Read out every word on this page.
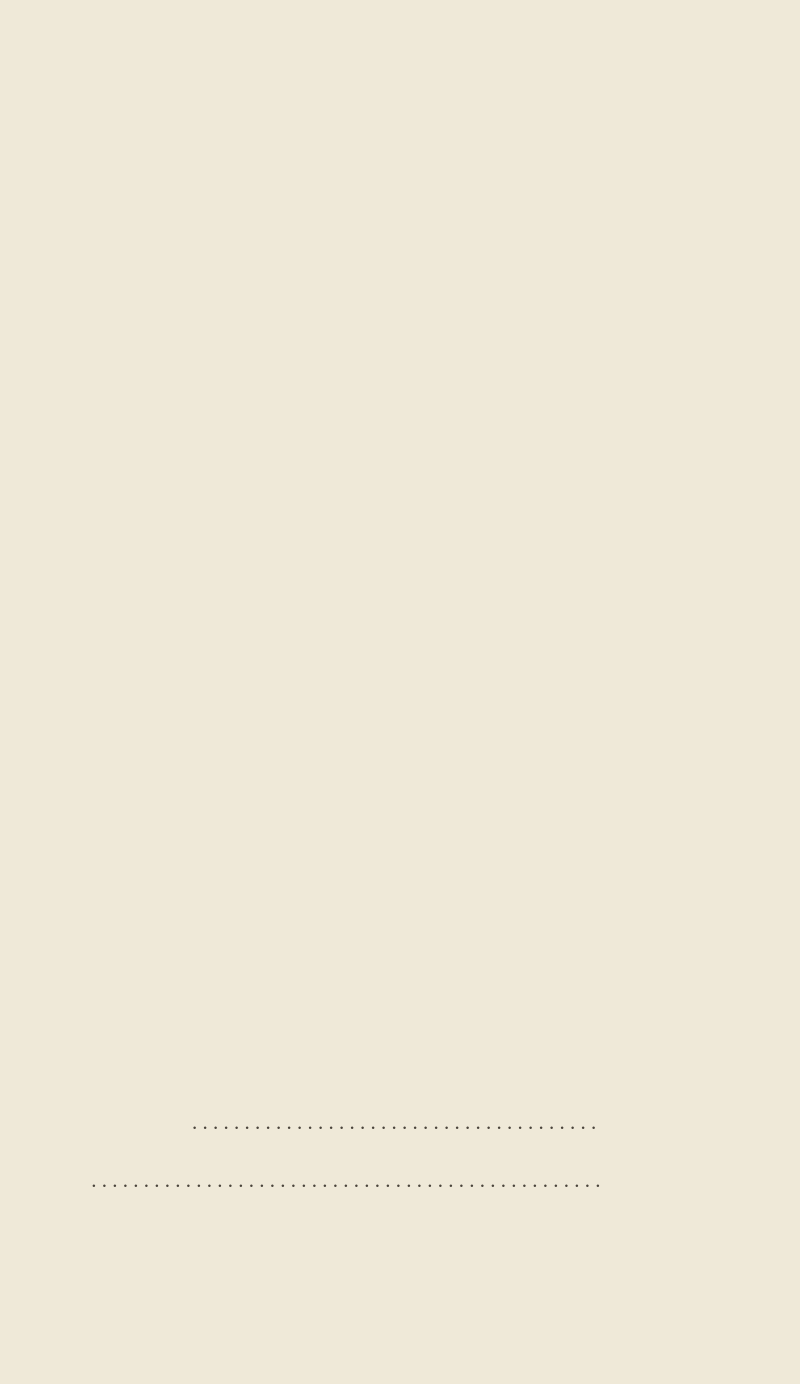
. . .

. . .
